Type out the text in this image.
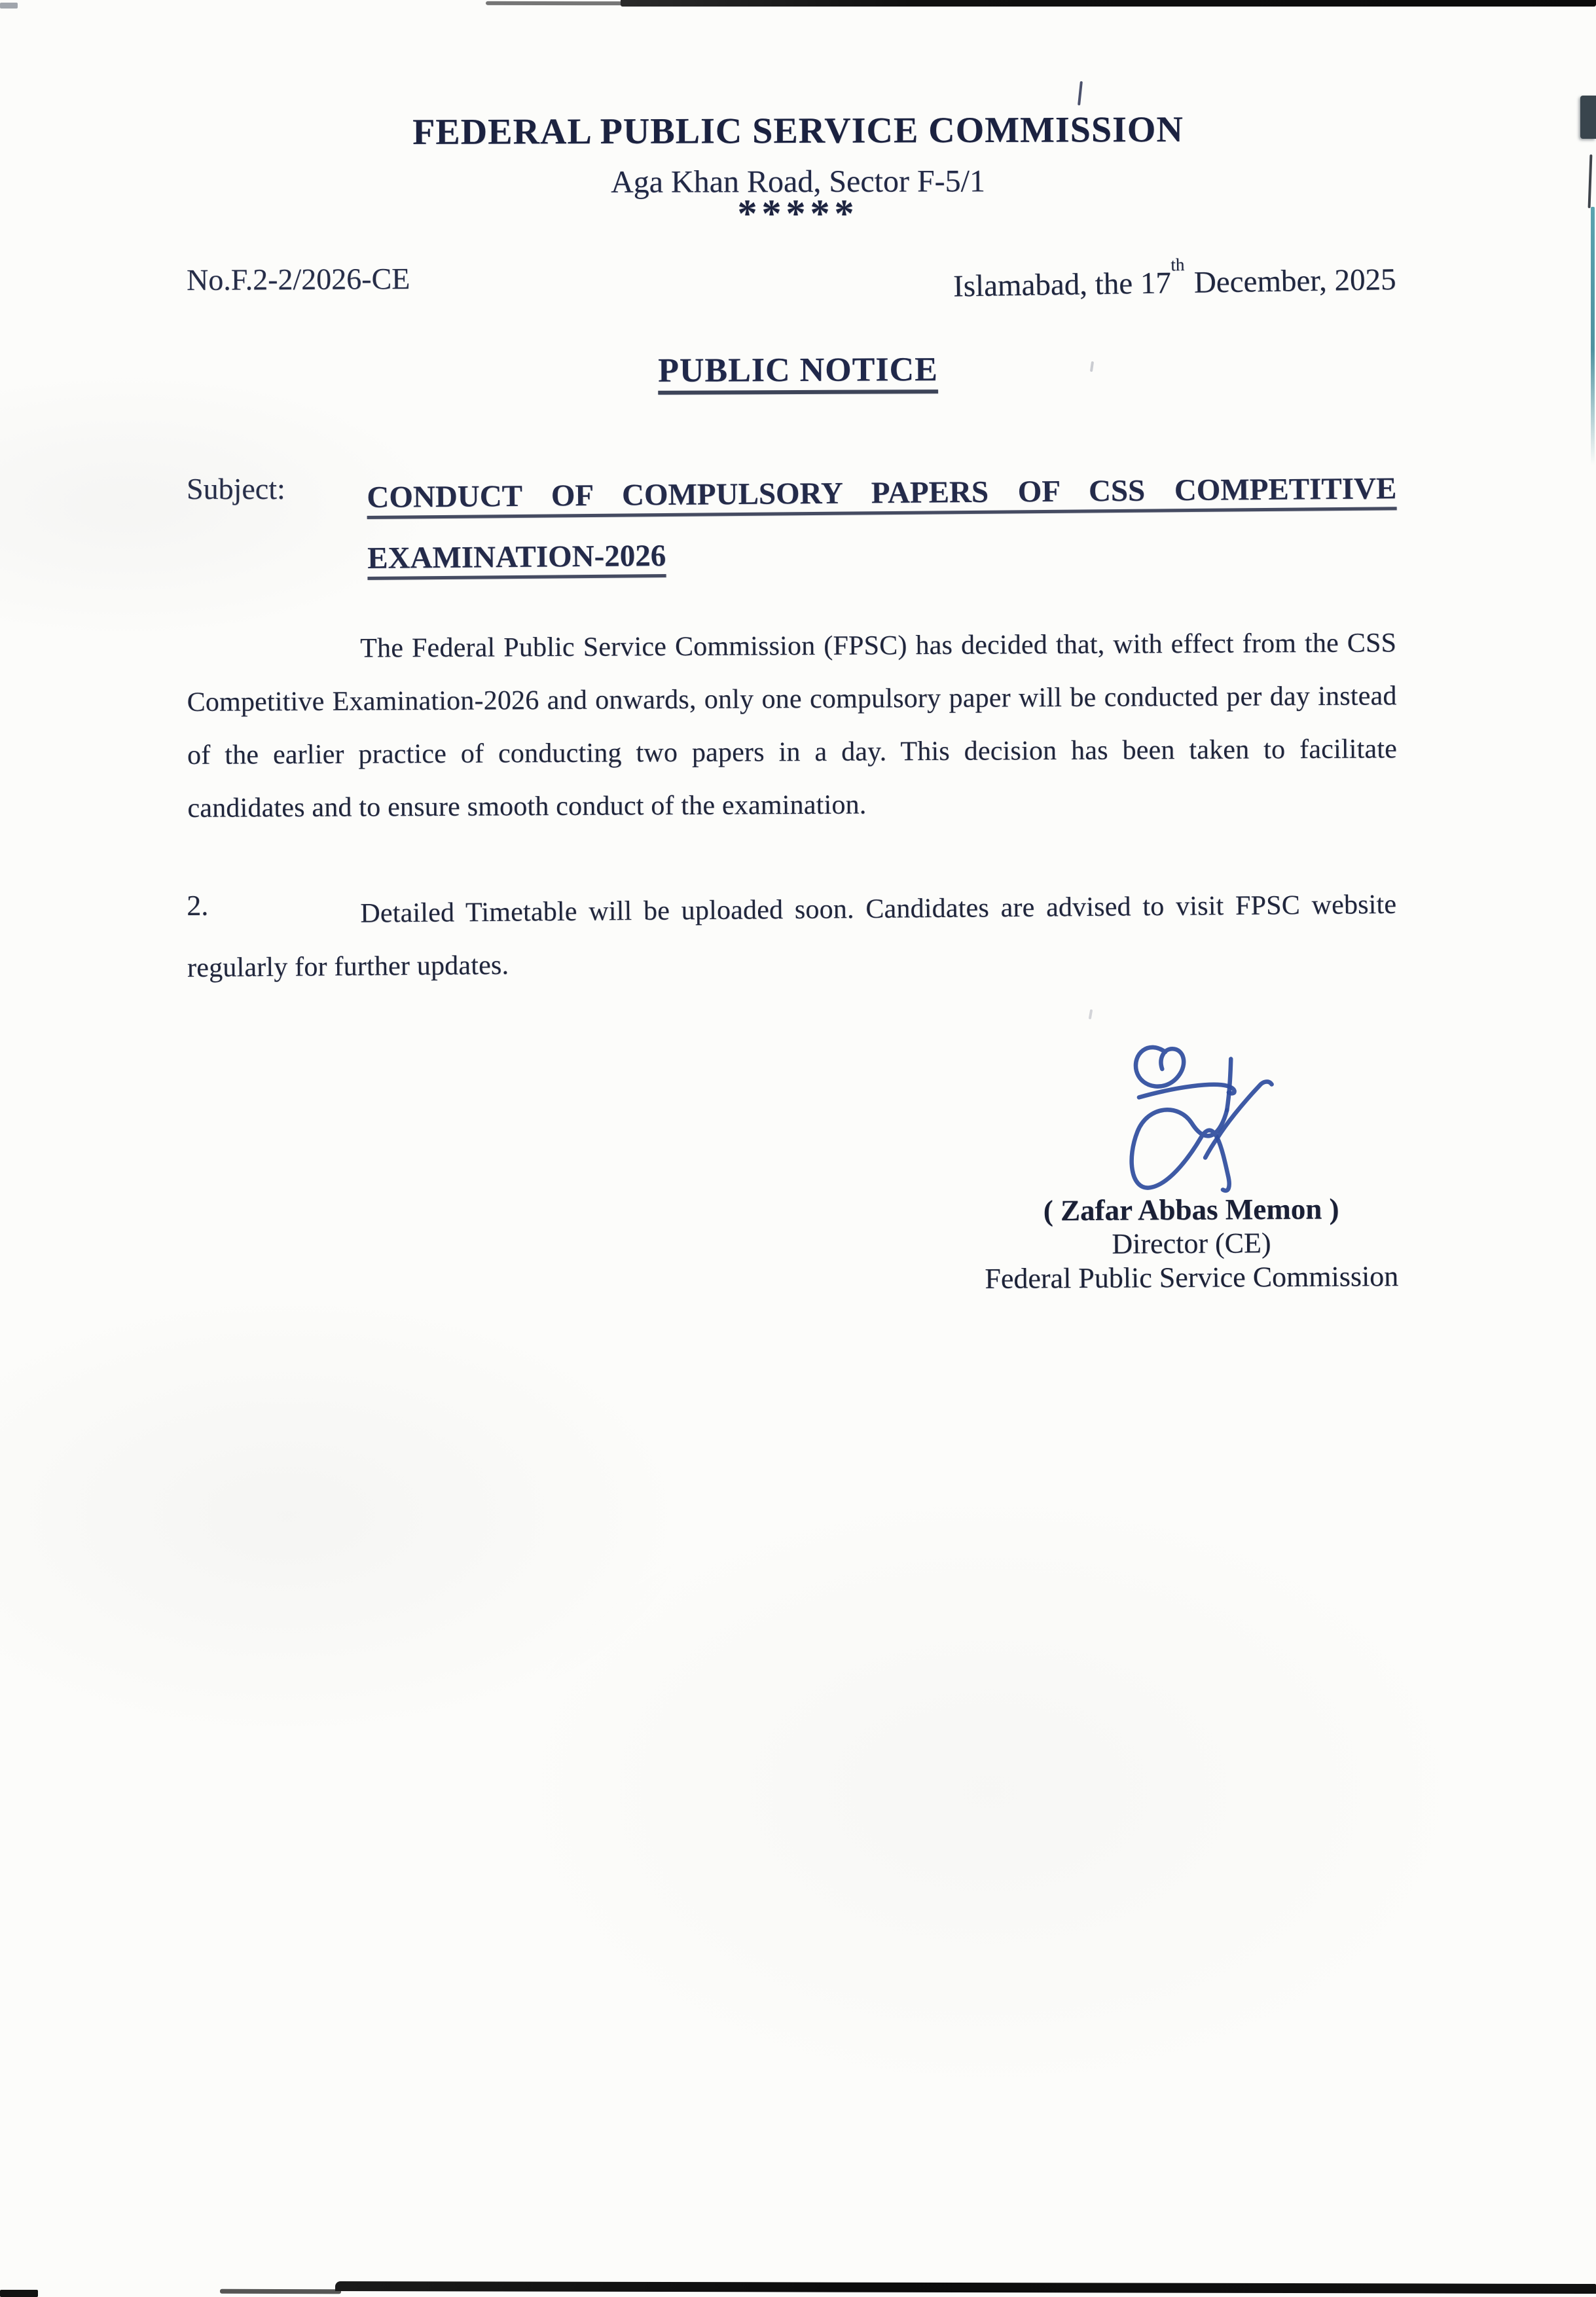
FEDERAL PUBLIC SERVICE COMMISSION
Aga Khan Road, Sector F-5/1
*****
No.F.2-2/2026-CE	Islamabad, the 17th December, 2025
PUBLIC NOTICE
Subject:	CONDUCT OF COMPULSORY PAPERS OF CSS COMPETITIVE
EXAMINATION-2026

The Federal Public Service Commission (FPSC) has decided that, with effect from the CSS Competitive Examination-2026 and onwards, only one compulsory paper will be conducted per day instead of the earlier practice of conducting two papers in a day. This decision has been taken to facilitate candidates and to ensure smooth conduct of the examination.

2.	Detailed Timetable will be uploaded soon. Candidates are advised to visit FPSC website regularly for further updates.

( Zafar Abbas Memon )
Director (CE)
Federal Public Service Commission
